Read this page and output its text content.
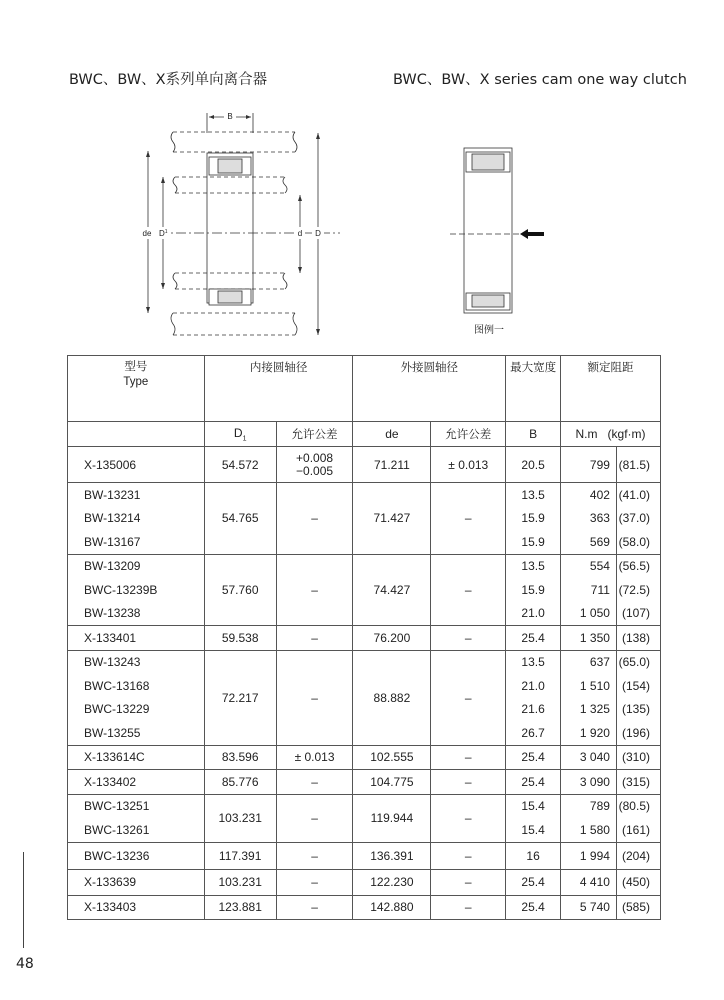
BWC、BW、X系列单向离合器	BWC、BW、X series cam one way clutch
B
de $D^1$	d D
图例一
型号
Type	内接圆轴径		外接圆轴径		最大宽度	额定阻距	
	$D_1$	允许公差	de	允许公差	B	N.m (kgf·m)	
X-135006	54.572	+0.008
−0.005	71.211	± 0.013	20.5	799	(81.5)
BW-13231	54.765	–	71.427	–	13.5	402	(41.0)
BW-13214					15.9	363	(37.0)
BW-13167					15.9	569	(58.0)
BW-13209	57.760	–	74.427	–	13.5	554	(56.5)
BWC-13239B					15.9	711	(72.5)
BW-13238					21.0	1 050	(107)
X-133401	59.538	–	76.200	–	25.4	1 350	(138)
BW-13243	72.217	–	88.882	–	13.5	637	(65.0)
BWC-13168					21.0	1 510	(154)
BWC-13229					21.6	1 325	(135)
BW-13255					26.7	1 920	(196)
X-133614C	83.596	± 0.013	102.555	–	25.4	3 040	(310)
X-133402	85.776	–	104.775	–	25.4	3 090	(315)
BWC-13251	103.231	–	119.944	–	15.4	789	(80.5)
BWC-13261					15.4	1 580	(161)
BWC-13236	117.391	–	136.391	–	16	1 994	(204)
X-133639	103.231	–	122.230	–	25.4	4 410	(450)
X-133403	123.881	–	142.880	–	25.4	5 740	(585)
48
